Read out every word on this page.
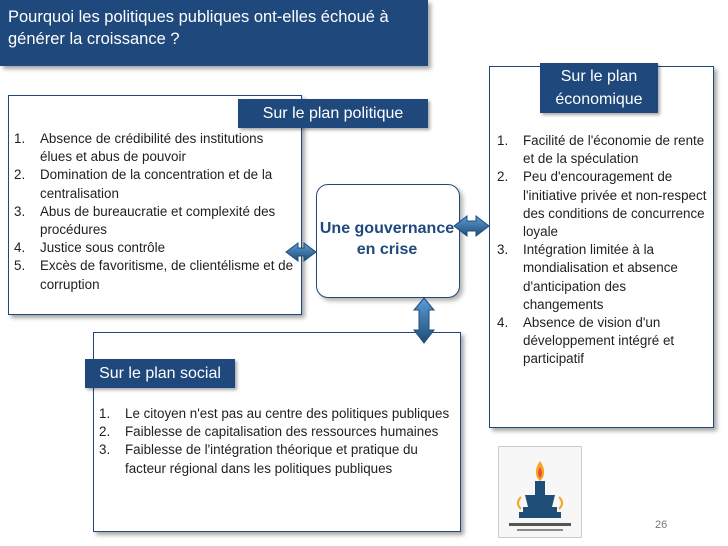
Pourquoi les politiques publiques ont-elles échoué à générer la croissance ?
Sur le plan politique
1. Absence de crédibilité des institutions élues et abus de pouvoir
2. Domination de la concentration et de la centralisation
3. Abus de bureaucratie et complexité des procédures
4. Justice sous contrôle
5. Excès de favoritisme, de clientélisme et de corruption
Sur le plan économique
1. Facilité de l'économie de rente et de la spéculation
2. Peu d'encouragement de l'initiative privée et non-respect des conditions de concurrence loyale
3. Intégration limitée à la mondialisation et absence d'anticipation des changements
4. Absence de vision d'un développement intégré et participatif
Sur le plan social
1. Le citoyen n'est pas au centre des politiques publiques
2. Faiblesse de capitalisation des ressources humaines
3. Faiblesse de l'intégration théorique et pratique du facteur régional dans les politiques publiques
Une gouvernance en crise
26
